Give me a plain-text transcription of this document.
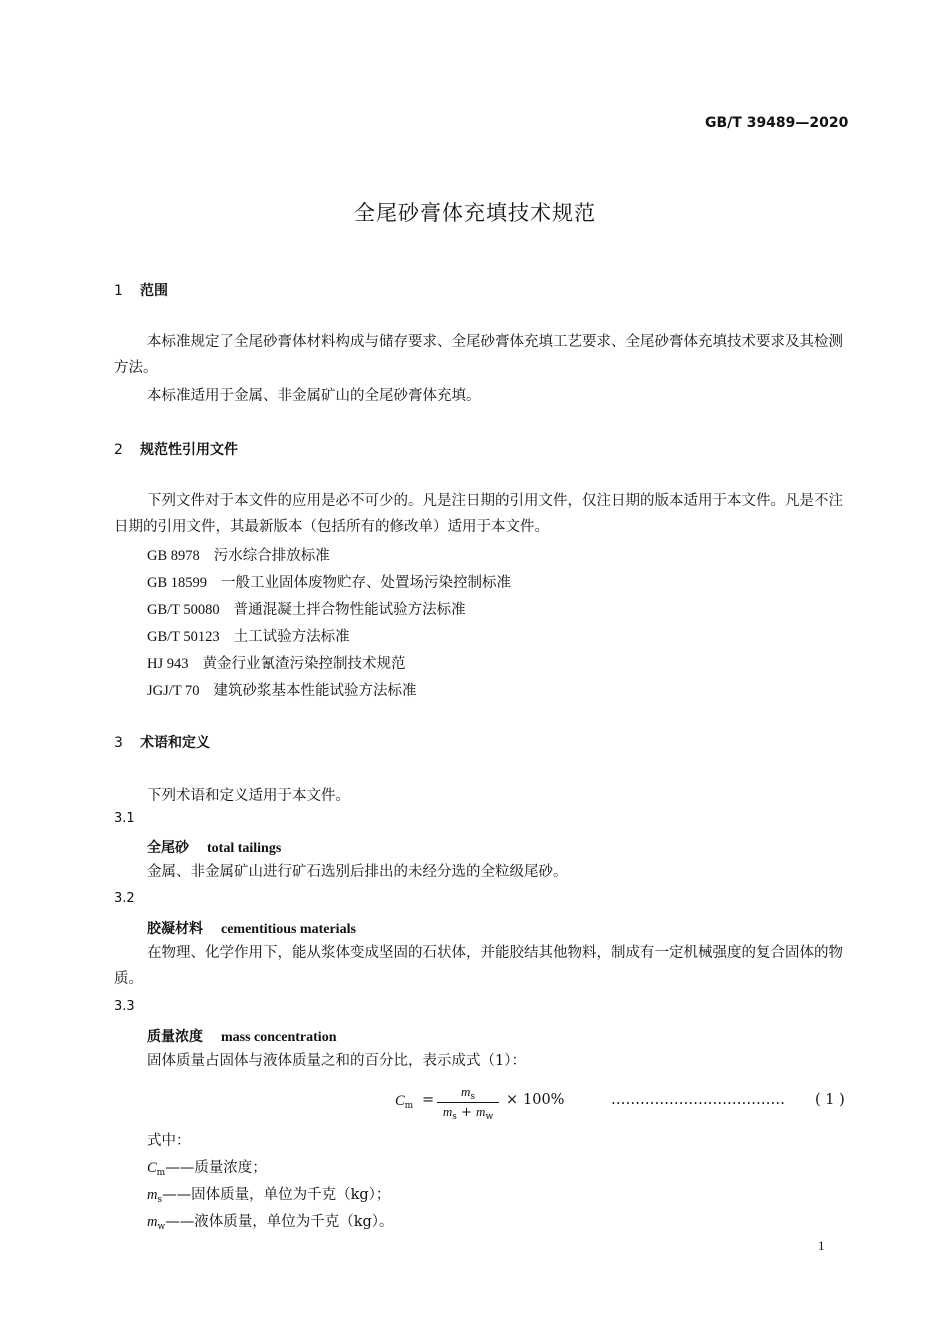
GB/T 39489—2020
全尾砂膏体充填技术规范
1 范围
本标准规定了全尾砂膏体材料构成与储存要求、全尾砂膏体充填工艺要求、全尾砂膏体充填技术要求及其检测方法。
本标准适用于金属、非金属矿山的全尾砂膏体充填。
2 规范性引用文件
下列文件对于本文件的应用是必不可少的。凡是注日期的引用文件，仅注日期的版本适用于本文件。凡是不注日期的引用文件，其最新版本（包括所有的修改单）适用于本文件。
GB 8978 污水综合排放标准
GB 18599 一般工业固体废物贮存、处置场污染控制标准
GB/T 50080 普通混凝土拌合物性能试验方法标准
GB/T 50123 土工试验方法标准
HJ 943 黄金行业氰渣污染控制技术规范
JGJ/T 70 建筑砂浆基本性能试验方法标准
3 术语和定义
下列术语和定义适用于本文件。
3.1
全尾砂 total tailings
金属、非金属矿山进行矿石选别后排出的未经分选的全粒级尾砂。
3.2
胶凝材料 cementitious materials
在物理、化学作用下，能从浆体变成坚固的石状体，并能胶结其他物料，制成有一定机械强度的复合固体的物质。
3.3
质量浓度 mass concentration
固体质量占固体与液体质量之和的百分比，表示成式（1）：
$C_m$ =
$m_s$
$m_s + m_w$
× 100%	……………………………… ( 1 )
式中：
$C_m——$质量浓度；
$m_s——$固体质量，单位为千克（kg）；
$m_w——$液体质量，单位为千克（kg）。
1
